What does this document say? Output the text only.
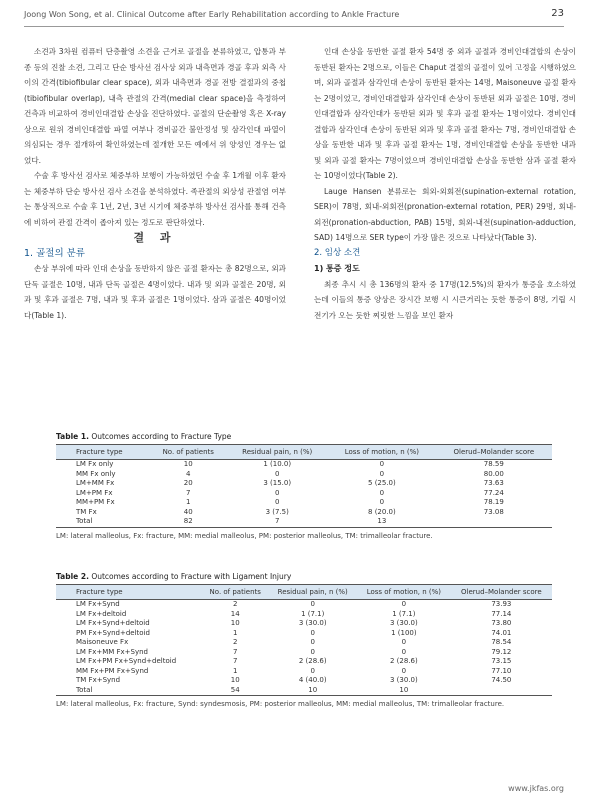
Joong Won Song, et al. Clinical Outcome after Early Rehabilitation according to Ankle Fracture	23

소견과 3차원 컴퓨터 단층촬영 소견을 근거로 골절을 분류하였고, 압통과 부종 등의 진찰 소견, 그리고 단순 방사선 검사상 외과 내측면과 경골 후과 외측 사이의 간격(tibiofibular clear space), 외과 내측면과 경골 전방 결절과의 중첩(tibiofibular overlap), 내측 관절의 간격(medial clear space)을 측정하여 건측과 비교하여 경비인대결합 손상을 진단하였다. 골절의 단순촬영 혹은 X-ray상으로 원위 경비인대결합 파열 여부나 경비골간 불안정성 및 삼각인대 파열이 의심되는 경우 절개하여 확인하였는데 절개한 모든 예에서 위 양성인 경우는 없었다.

수술 후 방사선 검사로 체중부하 보행이 가능하였던 수술 후 1개월 이후 환자는 체중부하 단순 방사선 검사 소견을 분석하였다. 족관절의 외상성 관절염 여부는 통상적으로 수술 후 1년, 2년, 3년 시기에 체중부하 방사선 검사를 통해 건측에 비하여 관절 간격이 좁아져 있는 정도로 판단하였다.

결 과

1. 골절의 분류

손상 부위에 따라 인대 손상을 동반하지 않은 골절 환자는 총 82명으로, 외과 단독 골절은 10명, 내과 단독 골절은 4명이었다. 내과 및 외과 골절은 20명, 외과 및 후과 골절은 7명, 내과 및 후과 골절은 1명이었다. 삼과 골절은 40명이었다(Table 1).

인대 손상을 동반한 골절 환자 54명 중 외과 골절과 경비인대결합의 손상이 동반된 환자는 2명으로, 이들은 Chaput 결절의 골절이 있어 고정을 시행하였으며, 외과 골절과 삼각인대 손상이 동반된 환자는 14명, Maisoneuve 골절 환자는 2명이었고, 경비인대결합과 삼각인대 손상이 동반된 외과 골절은 10명, 경비인대결합과 삼각인대가 동반된 외과 및 후과 골절 환자는 1명이었다. 경비인대결합과 삼각인대 손상이 동반된 외과 및 후과 골절 환자는 7명, 경비인대결합 손상을 동반한 내과 및 후과 골절 환자는 1명, 경비인대결합 손상을 동반한 내과 및 외과 골절 환자는 7명이었으며 경비인대결합 손상을 동반한 삼과 골절 환자는 10명이었다(Table 2).

Lauge Hansen 분류로는 회외-외회전(supination-external rotation, SER)이 78명, 회내-외회전(pronation-external rotation, PER) 29명, 회내-외전(pronation-abduction, PAB) 15명, 회외-내전(supination-adduction, SAD) 14명으로 SER type이 가장 많은 것으로 나타났다(Table 3).

2. 임상 소견

1) 통증 정도

최종 추시 시 총 136명의 환자 중 17명(12.5%)의 환자가 통증을 호소하였는데 이들의 통증 양상은 장시간 보행 시 시큰거리는 듯한 통증이 8명, 기립 시 전기가 오는 듯한 찌릿한 느낌을 보인 환자

Table 1. Outcomes according to Fracture Type
Fracture type	No. of patients	Residual pain, n (%)	Loss of motion, n (%)	Olerud–Molander score
LM Fx only	10	1 (10.0)	0	78.59
MM Fx only	4	0	0	80.00
LM+MM Fx	20	3 (15.0)	5 (25.0)	73.63
LM+PM Fx	7	0	0	77.24
MM+PM Fx	1	0	0	78.19
TM Fx	40	3 (7.5)	8 (20.0)	73.08
Total	82	7	13	
LM: lateral malleolus, Fx: fracture, MM: medial malleolus, PM: posterior malleolus, TM: trimalleolar fracture.
Table 2. Outcomes according to Fracture with Ligament Injury
Fracture type	No. of patients	Residual pain, n (%)	Loss of motion, n (%)	Olerud–Molander score
LM Fx+Synd	2	0	0	73.93
LM Fx+deltoid	14	1 (7.1)	1 (7.1)	77.14
LM Fx+Synd+deltoid	10	3 (30.0)	3 (30.0)	73.80
PM Fx+Synd+deltoid	1	0	1 (100)	74.01
Maisoneuve Fx	2	0	0	78.54
LM Fx+MM Fx+Synd	7	0	0	79.12
LM Fx+PM Fx+Synd+deltoid	7	2 (28.6)	2 (28.6)	73.15
MM Fx+PM Fx+Synd	1	0	0	77.10
TM Fx+Synd	10	4 (40.0)	3 (30.0)	74.50
Total	54	10	10	
LM: lateral malleolus, Fx: fracture, Synd: syndesmosis, PM: posterior malleolus, MM: medial malleolus, TM: trimalleolar fracture.
www.jkfas.org
